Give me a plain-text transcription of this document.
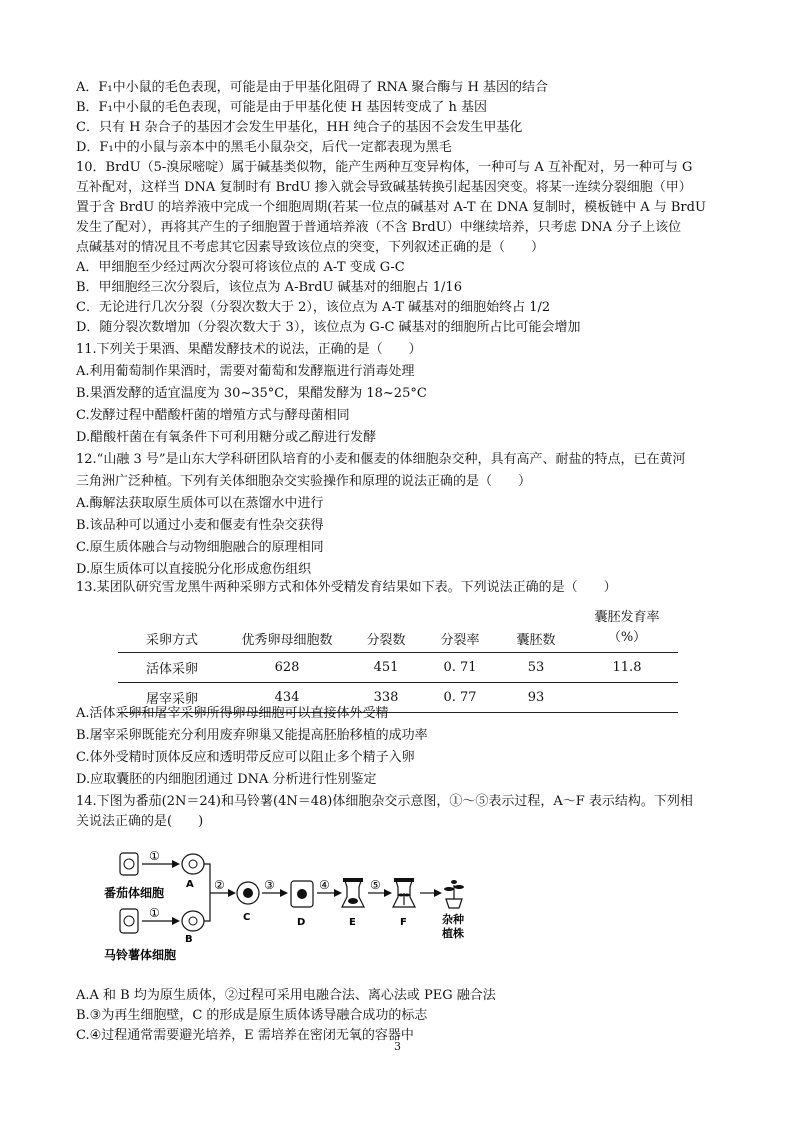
A．F₁中小鼠的毛色表现，可能是由于甲基化阻碍了 RNA 聚合酶与 H 基因的结合
B．F₁中小鼠的毛色表现，可能是由于甲基化使 H 基因转变成了 h 基因
C．只有 H 杂合子的基因才会发生甲基化，HH 纯合子的基因不会发生甲基化
D．F₁中的小鼠与亲本中的黑毛小鼠杂交，后代一定都表现为黑毛
10．BrdU（5-溴尿嘧啶）属于碱基类似物，能产生两种互变异构体，一种可与 A 互补配对，另一种可与 G
互补配对，这样当 DNA 复制时有 BrdU 掺入就会导致碱基转换引起基因突变。将某一连续分裂细胞（甲）
置于含 BrdU 的培养液中完成一个细胞周期(若某一位点的碱基对 A-T 在 DNA 复制时，模板链中 A 与 BrdU
发生了配对），再将其产生的子细胞置于普通培养液（不含 BrdU）中继续培养，只考虑 DNA 分子上该位
点碱基对的情况且不考虑其它因素导致该位点的突变，下列叙述正确的是（　　）
A．甲细胞至少经过两次分裂可将该位点的 A-T 变成 G-C
B．甲细胞经三次分裂后，该位点为 A-BrdU 碱基对的细胞占 1/16
C．无论进行几次分裂（分裂次数大于 2），该位点为 A-T 碱基对的细胞始终占 1/2
D．随分裂次数增加（分裂次数大于 3），该位点为 G-C 碱基对的细胞所占比可能会增加
11.下列关于果酒、果醋发酵技术的说法，正确的是（　　）
A.利用葡萄制作果酒时，需要对葡萄和发酵瓶进行消毒处理
B.果酒发酵的适宜温度为 30~35°C，果醋发酵为 18~25°C
C.发酵过程中醋酸杆菌的增殖方式与酵母菌相同
D.醋酸杆菌在有氧条件下可利用糖分或乙醇进行发酵
12.“山融 3 号”是山东大学科研团队培育的小麦和偃麦的体细胞杂交种，具有高产、耐盐的特点，已在黄河
三角洲广泛种植。下列有关体细胞杂交实验操作和原理的说法正确的是（　　）
A.酶解法获取原生质体可以在蒸馏水中进行
B.该品种可以通过小麦和偃麦有性杂交获得
C.原生质体融合与动物细胞融合的原理相同
D.原生质体可以直接脱分化形成愈伤组织
13.某团队研究雪龙黑牛两种采卵方式和体外受精发育结果如下表。下列说法正确的是（　　）
采卵方式	优秀卵母细胞数	分裂数	分裂率	囊胚数	囊胚发育率
（%）
活体采卵	628	451	0. 71	53	11.8
屠宰采卵	434	338	0. 77	93	
A.活体采卵和屠宰采卵所得卵母细胞可以直接体外受精
B.屠宰采卵既能充分利用废弃卵巢又能提高胚胎移植的成功率
C.体外受精时顶体反应和透明带反应可以阻止多个精子入卵
D.应取囊胚的内细胞团通过 DNA 分析进行性别鉴定
14.下图为番茄(2N＝24)和马铃薯(4N＝48)体细胞杂交示意图，①～⑤表示过程，A～F 表示结构。下列相
关说法正确的是(　　)
①
A
番茄体细胞
①
B
马铃薯体细胞
②
C
③
D
④
E
⑤
F	杂种
植株
A.A 和 B 均为原生质体，②过程可采用电融合法、离心法或 PEG 融合法
B.③为再生细胞壁，C 的形成是原生质体诱导融合成功的标志
C.④过程通常需要避光培养，E 需培养在密闭无氧的容器中
3
